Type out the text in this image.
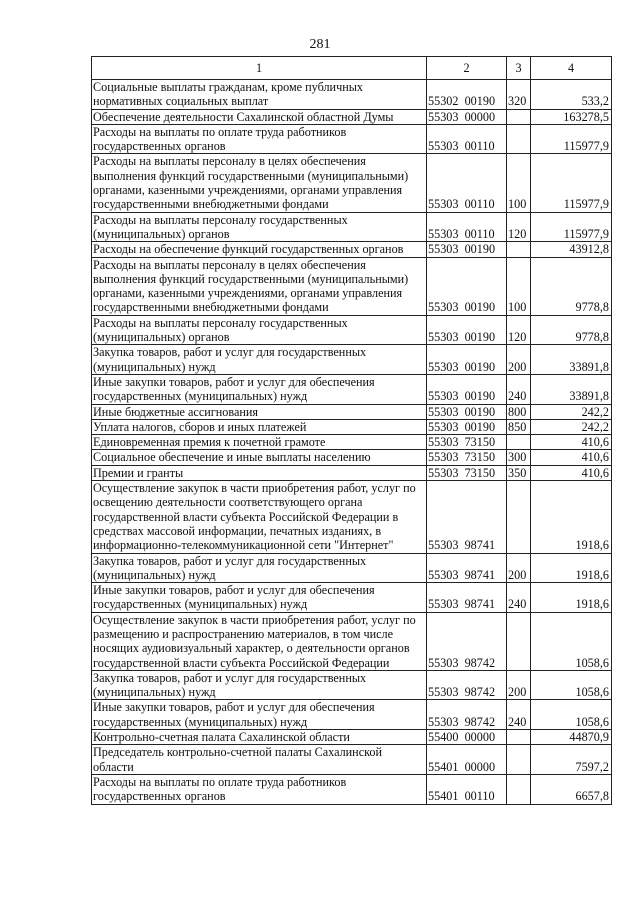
281
1	2	3	4
Социальные выплаты гражданам, кроме публичных нормативных социальных выплат	55302  00190	320	533,2
Обеспечение деятельности Сахалинской областной Думы	55303  00000		163278,5
Расходы на выплаты по оплате труда работников государственных органов	55303  00110		115977,9
Расходы на выплаты персоналу в целях обеспечения выполнения функций государственными (муниципальными) органами, казенными учреждениями, органами управления государственными внебюджетными фондами	55303  00110	100	115977,9
Расходы на выплаты персоналу государственных (муниципальных) органов	55303  00110	120	115977,9
Расходы на обеспечение функций государственных органов	55303  00190		43912,8
Расходы на выплаты персоналу в целях обеспечения выполнения функций государственными (муниципальными) органами, казенными учреждениями, органами управления государственными внебюджетными фондами	55303  00190	100	9778,8
Расходы на выплаты персоналу государственных (муниципальных) органов	55303  00190	120	9778,8
Закупка товаров, работ и услуг для государственных (муниципальных) нужд	55303  00190	200	33891,8
Иные закупки товаров, работ и услуг для обеспечения государственных (муниципальных) нужд	55303  00190	240	33891,8
Иные бюджетные ассигнования	55303  00190	800	242,2
Уплата налогов, сборов и иных платежей	55303  00190	850	242,2
Единовременная премия к почетной грамоте	55303  73150		410,6
Социальное обеспечение и иные выплаты населению	55303  73150	300	410,6
Премии и гранты	55303  73150	350	410,6
Осуществление закупок в части приобретения работ, услуг по освещению деятельности соответствующего органа государственной власти субъекта Российской Федерации в средствах массовой информации, печатных изданиях, в информационно-телекоммуникационной сети "Интернет"	55303  98741		1918,6
Закупка товаров, работ и услуг для государственных (муниципальных) нужд	55303  98741	200	1918,6
Иные закупки товаров, работ и услуг для обеспечения государственных (муниципальных) нужд	55303  98741	240	1918,6
Осуществление закупок в части приобретения работ, услуг по размещению и распространению материалов, в том числе носящих аудиовизуальный характер, о деятельности органов государственной власти субъекта Российской Федерации	55303  98742		1058,6
Закупка товаров, работ и услуг для государственных (муниципальных) нужд	55303  98742	200	1058,6
Иные закупки товаров, работ и услуг для обеспечения государственных (муниципальных) нужд	55303  98742	240	1058,6
Контрольно-счетная палата Сахалинской области	55400  00000		44870,9
Председатель контрольно-счетной палаты Сахалинской области	55401  00000		7597,2
Расходы на выплаты по оплате труда работников государственных органов	55401  00110		6657,8
